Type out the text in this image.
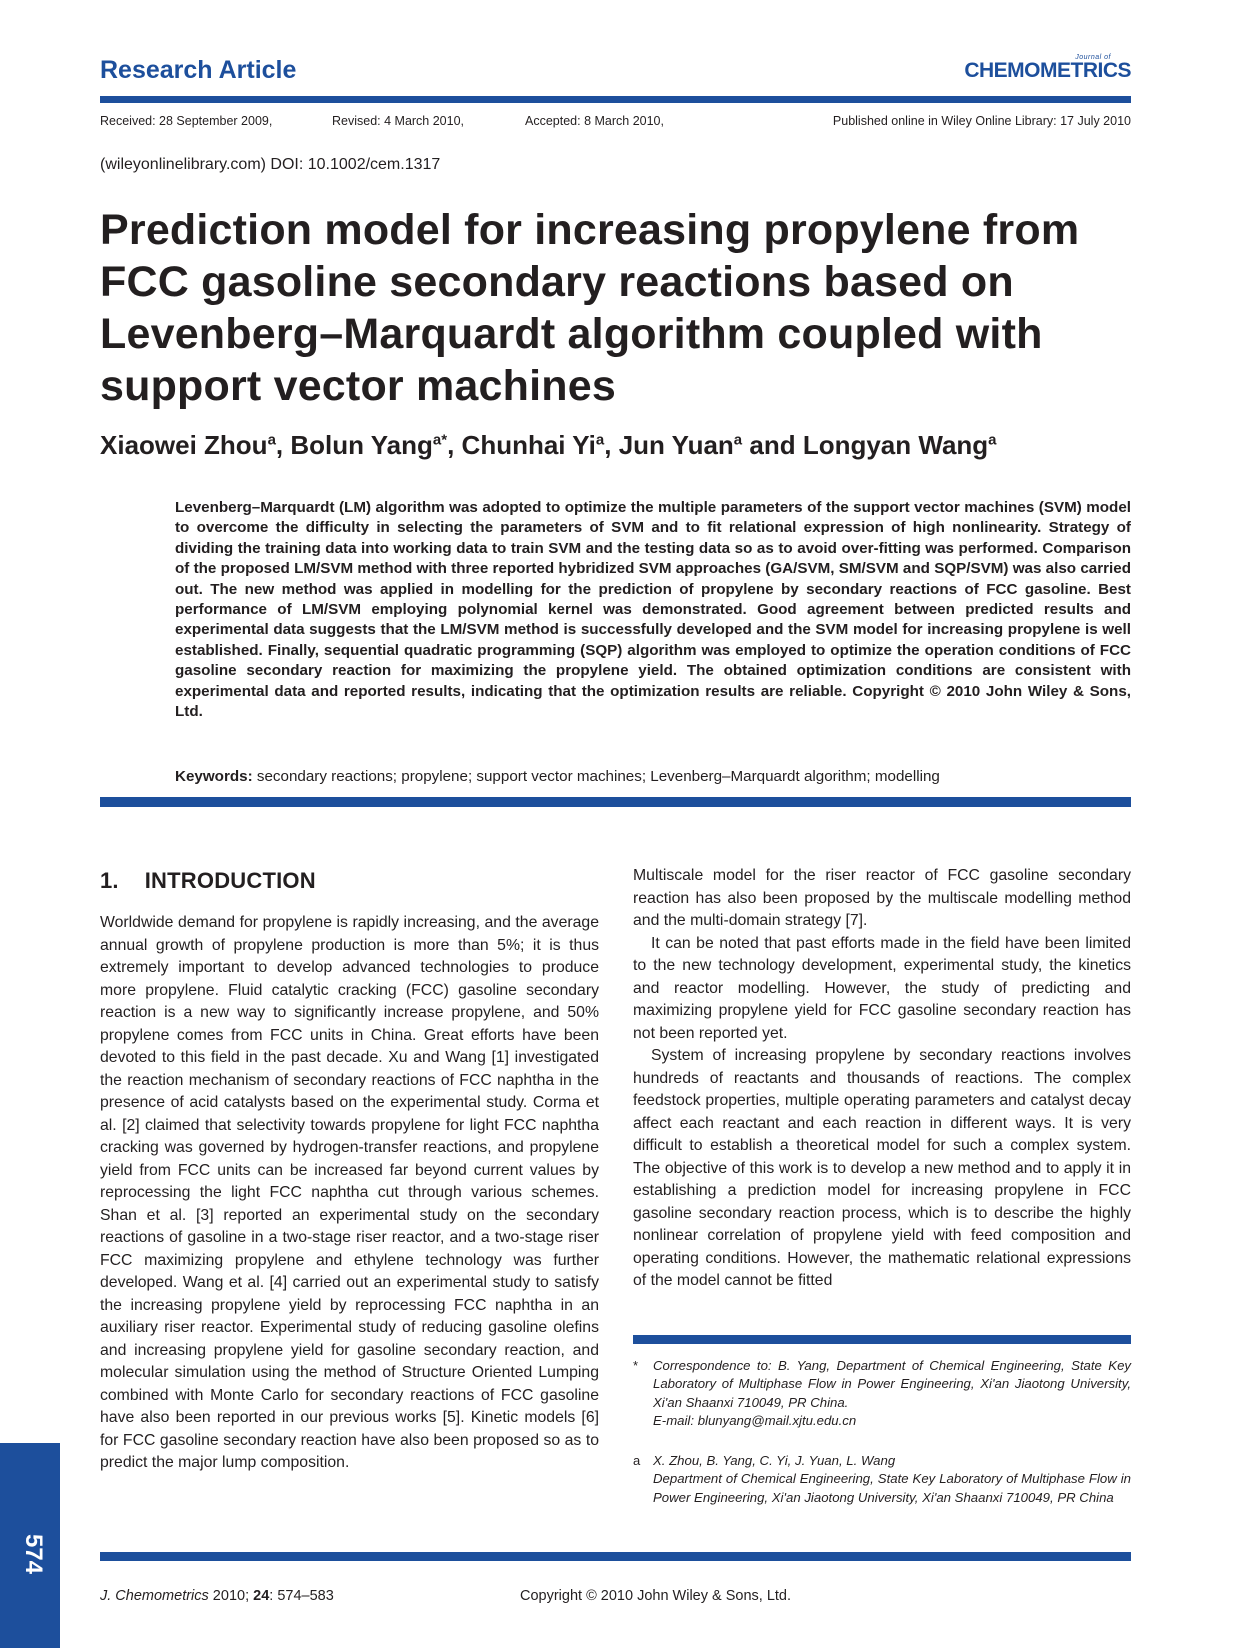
Research Article	Journal of
CHEMOMETRICS
Received: 28 September 2009,	Revised: 4 March 2010,	Accepted: 8 March 2010,	Published online in Wiley Online Library: 17 July 2010
(wileyonlinelibrary.com) DOI: 10.1002/cem.1317
Prediction model for increasing propylene from FCC gasoline secondary reactions based on Levenberg–Marquardt algorithm coupled with support vector machines
Xiaowei Zhou$^a$, Bolun Yang$^{a*}$, Chunhai Yi$^a$, Jun Yuan$^a$ and Longyan Wang$^a$
Levenberg–Marquardt (LM) algorithm was adopted to optimize the multiple parameters of the support vector machines (SVM) model to overcome the difficulty in selecting the parameters of SVM and to fit relational expression of high nonlinearity. Strategy of dividing the training data into working data to train SVM and the testing data so as to avoid over-fitting was performed. Comparison of the proposed LM/SVM method with three reported hybridized SVM approaches (GA/SVM, SM/SVM and SQP/SVM) was also carried out. The new method was applied in modelling for the prediction of propylene by secondary reactions of FCC gasoline. Best performance of LM/SVM employing polynomial kernel was demonstrated. Good agreement between predicted results and experimental data suggests that the LM/SVM method is successfully developed and the SVM model for increasing propylene is well established. Finally, sequential quadratic programming (SQP) algorithm was employed to optimize the operation conditions of FCC gasoline secondary reaction for maximizing the propylene yield. The obtained optimization conditions are consistent with experimental data and reported results, indicating that the optimization results are reliable. Copyright © 2010 John Wiley & Sons, Ltd.
Keywords: secondary reactions; propylene; support vector machines; Levenberg–Marquardt algorithm; modelling
1. INTRODUCTION

Worldwide demand for propylene is rapidly increasing, and the average annual growth of propylene production is more than 5%; it is thus extremely important to develop advanced technologies to produce more propylene. Fluid catalytic cracking (FCC) gasoline secondary reaction is a new way to significantly increase propylene, and 50% propylene comes from FCC units in China. Great efforts have been devoted to this field in the past decade. Xu and Wang [1] investigated the reaction mechanism of secondary reactions of FCC naphtha in the presence of acid catalysts based on the experimental study. Corma et al. [2] claimed that selectivity towards propylene for light FCC naphtha cracking was governed by hydrogen-transfer reactions, and propylene yield from FCC units can be increased far beyond current values by reprocessing the light FCC naphtha cut through various schemes. Shan et al. [3] reported an experimental study on the secondary reactions of gasoline in a two-stage riser reactor, and a two-stage riser FCC maximizing propylene and ethylene technology was further developed. Wang et al. [4] carried out an experimental study to satisfy the increasing propylene yield by reprocessing FCC naphtha in an auxiliary riser reactor. Experimental study of reducing gasoline olefins and increasing propylene yield for gasoline secondary reaction, and molecular simulation using the method of Structure Oriented Lumping combined with Monte Carlo for secondary reactions of FCC gasoline have also been reported in our previous works [5]. Kinetic models [6] for FCC gasoline secondary reaction have also been proposed so as to predict the major lump composition.

Multiscale model for the riser reactor of FCC gasoline secondary reaction has also been proposed by the multiscale modelling method and the multi-domain strategy [7].

It can be noted that past efforts made in the field have been limited to the new technology development, experimental study, the kinetics and reactor modelling. However, the study of predicting and maximizing propylene yield for FCC gasoline secondary reaction has not been reported yet.

System of increasing propylene by secondary reactions involves hundreds of reactants and thousands of reactions. The complex feedstock properties, multiple operating parameters and catalyst decay affect each reactant and each reaction in different ways. It is very difficult to establish a theoretical model for such a complex system. The objective of this work is to develop a new method and to apply it in establishing a prediction model for increasing propylene in FCC gasoline secondary reaction process, which is to describe the highly nonlinear correlation of propylene yield with feed composition and operating conditions. However, the mathematic relational expressions of the model cannot be fitted

* Correspondence to: B. Yang, Department of Chemical Engineering, State Key Laboratory of Multiphase Flow in Power Engineering, Xi'an Jiaotong University, Xi'an Shaanxi 710049, PR China.
E-mail: blunyang@mail.xjtu.edu.cn
a X. Zhou, B. Yang, C. Yi, J. Yuan, L. Wang
Department of Chemical Engineering, State Key Laboratory of Multiphase Flow in Power Engineering, Xi'an Jiaotong University, Xi'an Shaanxi 710049, PR China
574
J. Chemometrics 2010; 24: 574–583	Copyright © 2010 John Wiley & Sons, Ltd.
